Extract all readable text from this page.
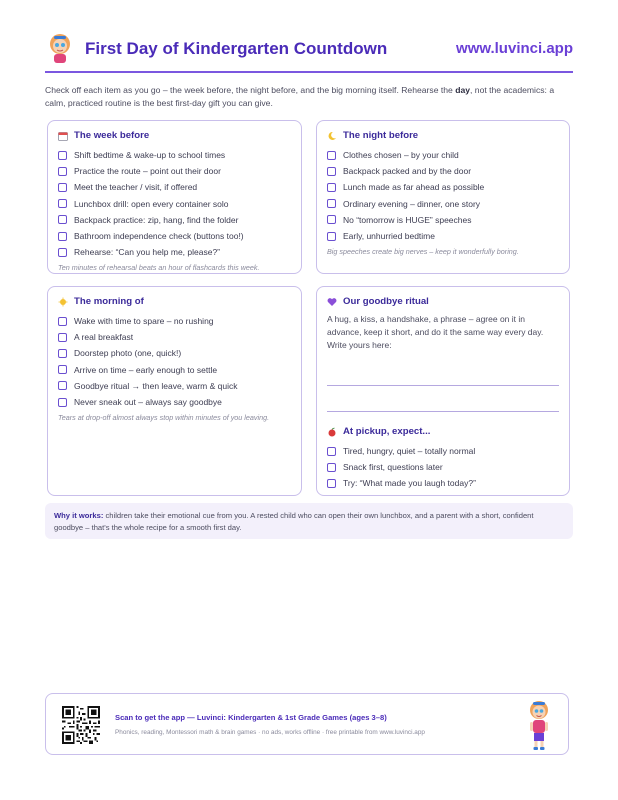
First Day of Kindergarten Countdown	www.luvinci.app
Check off each item as you go – the week before, the night before, and the big morning itself. Rehearse the day, not the academics: a calm, practiced routine is the best first-day gift you can give.
The week before
Shift bedtime & wake-up to school times
Practice the route – point out their door
Meet the teacher / visit, if offered
Lunchbox drill: open every container solo
Backpack practice: zip, hang, find the folder
Bathroom independence check (buttons too!)
Rehearse: “Can you help me, please?”
Ten minutes of rehearsal beats an hour of flashcards this week.
The night before
Clothes chosen – by your child
Backpack packed and by the door
Lunch made as far ahead as possible
Ordinary evening – dinner, one story
No “tomorrow is HUGE” speeches
Early, unhurried bedtime
Big speeches create big nerves – keep it wonderfully boring.
The morning of
Wake with time to spare – no rushing
A real breakfast
Doorstep photo (one, quick!)
Arrive on time – early enough to settle
Goodbye ritual → then leave, warm & quick
Never sneak out – always say goodbye
Tears at drop-off almost always stop within minutes of you leaving.
Our goodbye ritual
A hug, a kiss, a handshake, a phrase – agree on it in advance, keep it short, and do it the same way every day. Write yours here:
At pickup, expect...
Tired, hungry, quiet – totally normal
Snack first, questions later
Try: “What made you laugh today?”
Why it works: children take their emotional cue from you. A rested child who can open their own lunchbox, and a parent with a short, confident goodbye – that's the whole recipe for a smooth first day.
Scan to get the app — Luvinci: Kindergarten & 1st Grade Games (ages 3–8)
Phonics, reading, Montessori math & brain games · no ads, works offline · free printable from www.luvinci.app
